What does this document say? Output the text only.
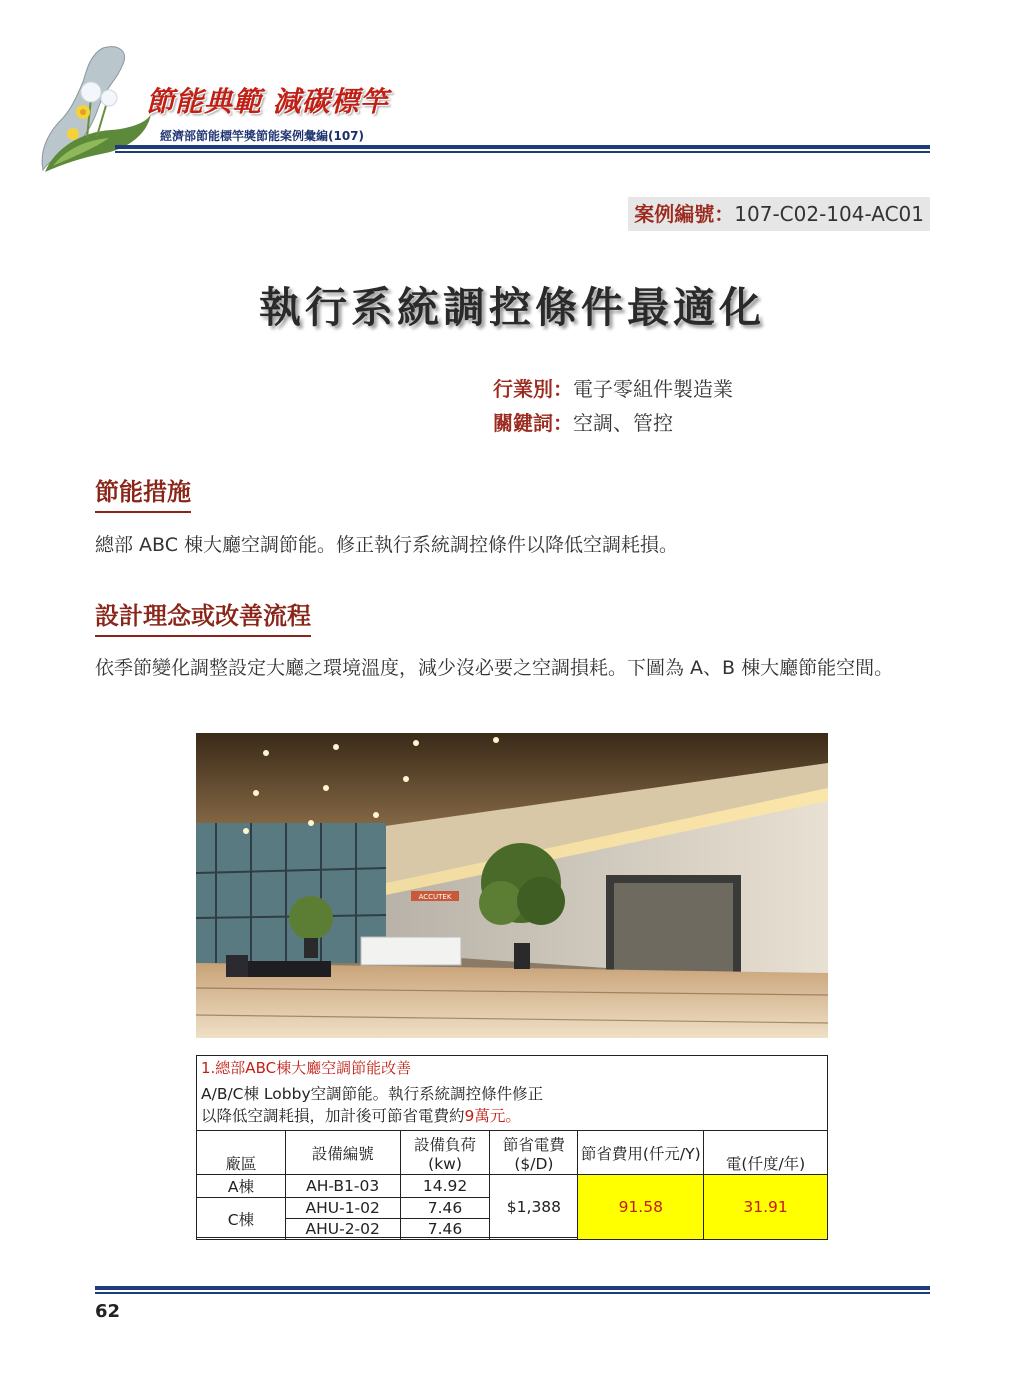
節能典範 減碳標竿
經濟部節能標竿獎節能案例彙編(107)
案例編號：107-C02-104-AC01
執行系統調控條件最適化
行業別：電子零組件製造業
關鍵詞：空調、管控
節能措施
總部 ABC 棟大廳空調節能。修正執行系統調控條件以降低空調耗損。
設計理念或改善流程
依季節變化調整設定大廳之環境溫度，減少沒必要之空調損耗。下圖為 A、B 棟大廳節能空間。
ACCUTEK
1.總部ABC棟大廳空調節能改善
A/B/C棟 Lobby空調節能。執行系統調控條件修正
以降低空調耗損，加計後可節省電費約9萬元。
廠區	設備編號	設備負荷(kw)	節省電費($/D)	節省費用(仟元/Y)	電(仟度/年)
A棟	AH-B1-03	14.92	$1,388	91.58	31.91
C棟	AHU-1-02	7.46			
	AHU-2-02	7.46			
62
